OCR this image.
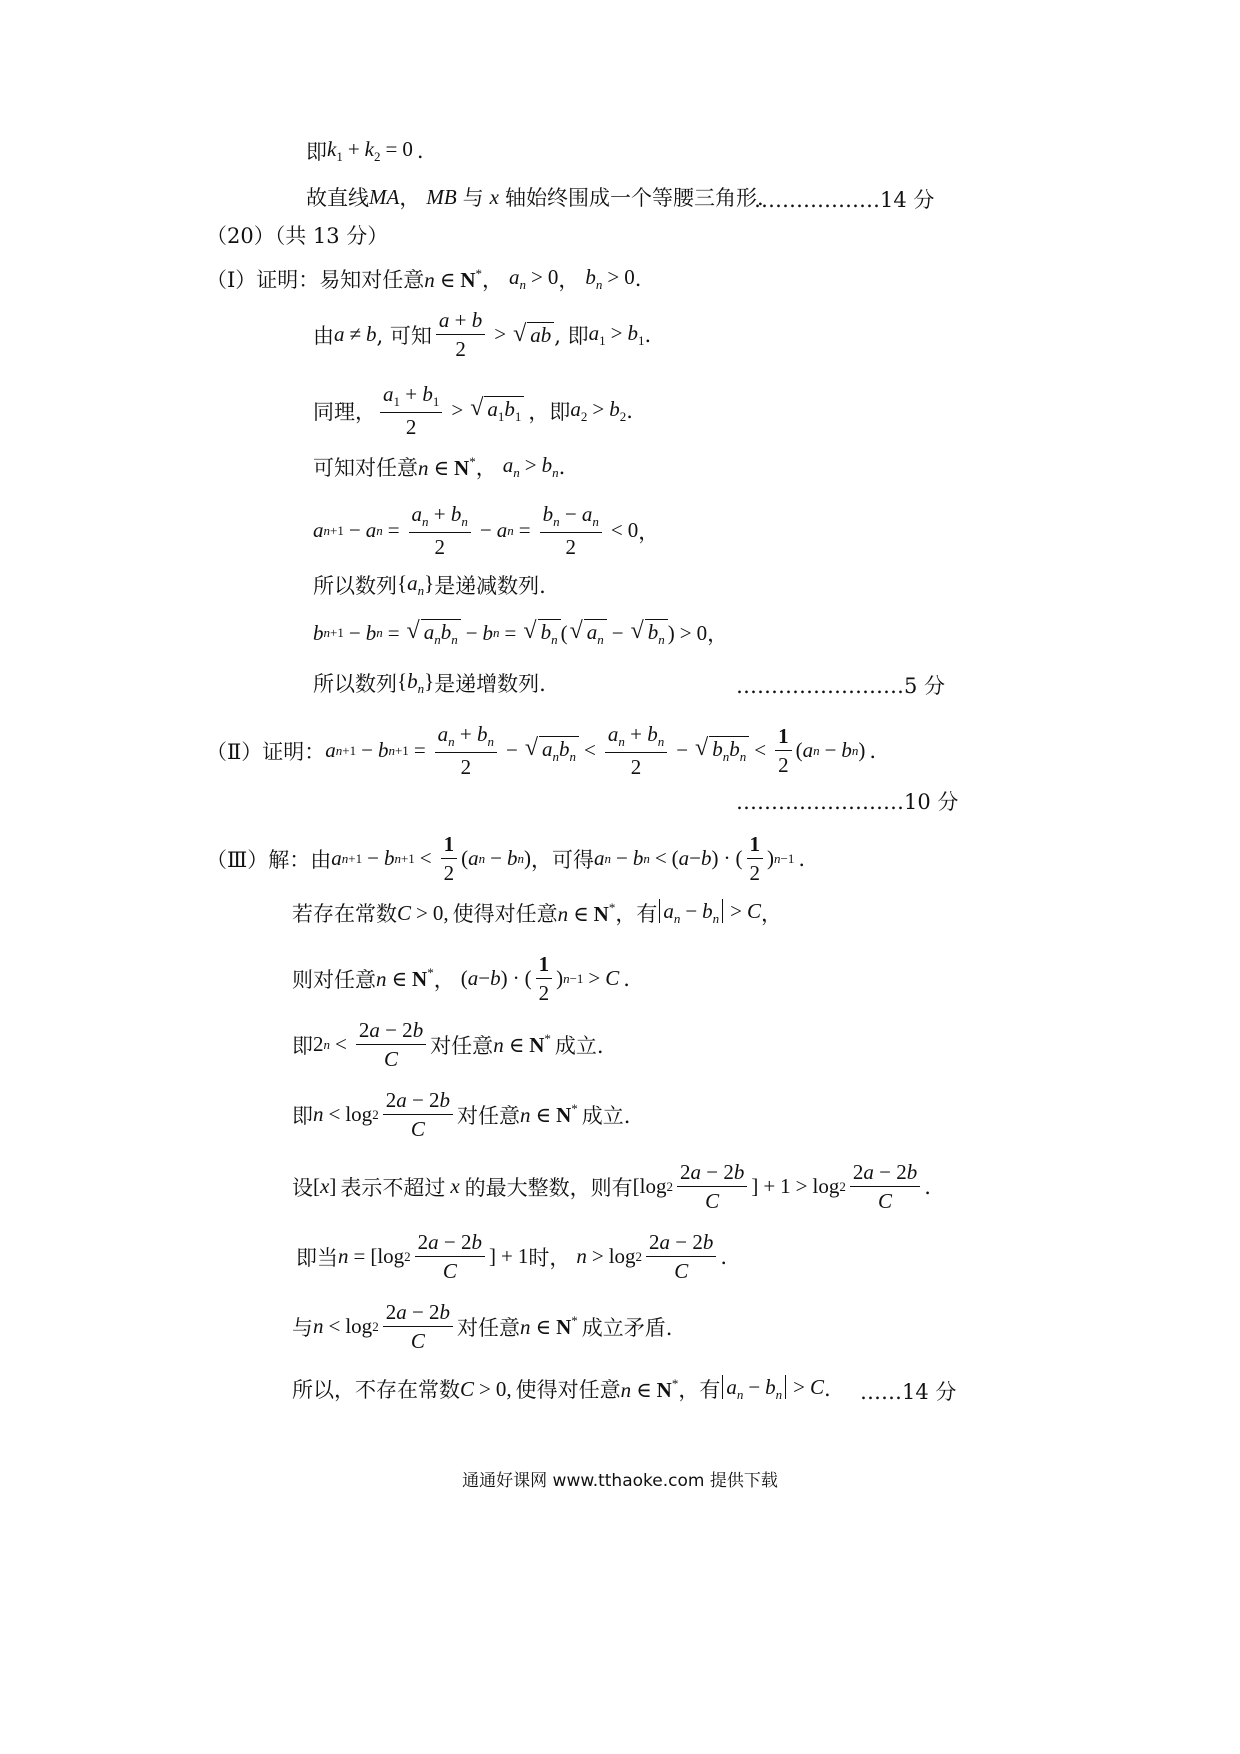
即 $k_1 + k_2 = 0$ .
故直线 MA ， MB 与 x 轴始终围成一个等腰三角形.
………………14 分
（20）（共 13 分）
（Ⅰ）证明：易知对任意 n ∈ N* ， $a_n > 0$ ， $b_n > 0$ .
由 a ≠ b , 可知 $\frac{a + b}{2}$ > √ ab , 即 $a_1 > b_1$ .
同理， $\frac{a_1 + b_1}{2}$ > √ $a_1b_1$ ，即 $a_2 > b_2$ .
可知对任意 n ∈ N* ， $a_n > b_n$ .
a n+1 − a $n = \frac{a_n + b_n}{2} - a$ $n = \frac{b_n - a_n}{2} < 0$ ，
所以数列 $\{a_n\}$ 是递减数列.
b n+1 − b n = √ $a_nb_n - b$ n = √ $b_n$ ( √ $a_n$ − √ $b_n$ ) > 0 ，
所以数列 $\{b_n\}$ 是递增数列.	……………………5 分
（Ⅱ）证明： a n+1 − b $n+1 = \frac{a_n + b_n}{2}$ − √ $a_nb_n < \frac{a_n + b_n}{2}$ − √ $b_nb_n < \frac{1}{2}$ ( a n − b n ) .
……………………10 分
（Ⅲ）解：由 a n+1 − b $n+1 < \frac{1}{2}$ ( a n − b n ) ，可得 a n − b n < ( a − b ) · ( $\frac{1}{2}$ ) n−1 .
若存在常数 C > 0, 使得对任意 n ∈ N* ，有 $a_n - b_n > C$ ，
则对任意 n ∈ N* ， ( a − b ) · ( $\frac{1}{2}$ ) n−1 > C .
即 2 $n < \frac{2a - 2b}{C}$ 对任意 n ∈ N* 成立.
即 $n < \log 2 \frac{2a - 2b}{C}$ 对任意 n ∈ N* 成立.
设 [x] 表示不超过 x 的最大整数，则有 [log $2 \frac{2a - 2b}{C}$ ] + $1 > \log 2 \frac{2a - 2b}{C}$ .
即当 n = [log $2 \frac{2a - 2b}{C}$ ] + 1 时， $n > \log 2 \frac{2a - 2b}{C}$ .
与 $n < \log 2 \frac{2a - 2b}{C}$ 对任意 n ∈ N* 成立矛盾.
所以，不存在常数 C > 0, 使得对任意 n ∈ N* ，有 $a_n - b_n > C$ . ……14 分
通通好课网 www.tthaoke.com 提供下载
